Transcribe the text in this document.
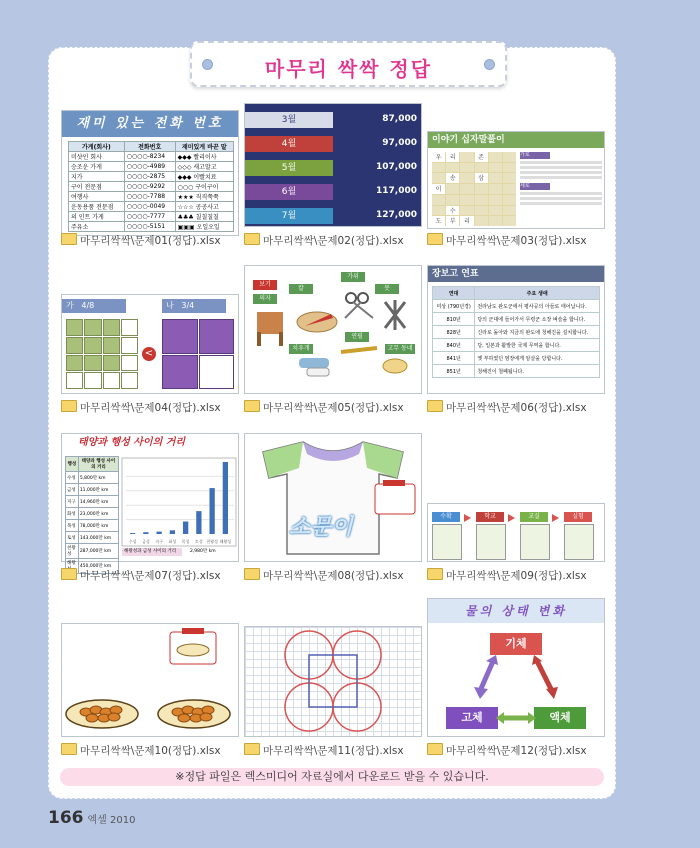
마무리 싹싹 정답
재미 있는 전화 번호
가게(회사)	전화번호	재미있게 바꾼 말
미샷인 회사	○○○○-8234	◆◆◆ 빨리이사
승조운 가게	○○○○-4989	◇◇◇ 새고말고
지가	○○○○-2875	◆◆◆ 이빨치료
구이 전문점	○○○○-9292	○○○ 구이구이
여행사	○○○○-7788	★★★ 직직쭉쭉
운동용품 전문점	○○○○-0049	☆☆☆ 공공사고
의 인트 가게	○○○○-7777	♣♣♣ 칠칠칠칠
주유소	○○○○-5151	▣▣▣ 오일오일
3월	87,000
4월	97,000
5월	107,000
6월	117,000
7월	127,000
이야기 십자말풀이
우	리	존
송	삼
이
수
도	부	리
가로
세로
마무리싹싹\문제01(정답).xlsx	마무리싹싹\문제02(정답).xlsx	마무리싹싹\문제03(정답).xlsx
가 4/8	나 3/4
<
가위
칼	못
보기
의자
치우개
연필
고무 동네
장보고 연표
연대	주요 생애
미상 (790년경)	전라남도 완도군에서 평사공의 아들로 태어납니다.
810년	당의 군대에 들어가서 무령군 소장 벼슬을 합니다.
828년	신라로 돌아와 지금의 완도에 청해진을 설치합니다.
840년	당, 일본과 활발한 국제 무역을 합니다.
841년	옛 부하였던 염장에게 암살을 당합니다.
851년	청해진이 철폐됩니다.
마무리싹싹\문제04(정답).xlsx	마무리싹싹\문제05(정답).xlsx	마무리싹싹\문제06(정답).xlsx
태양과 행성 사이의 거리
행성	태양과 행성 사이의 거리
수성	5,800만 km
금성	11,000만 km
지구	14,960만 km
화성	23,000만 km
목성	78,000만 km
토성	143,000만 km
천왕성	287,000만 km
해왕	450,000만 km
수성 금성 지구 화성 목성 토성 천왕성 해왕성
해왕성과 금성 사이의 거리	2,980만 km
소문이	수확	학교	교실	실험
마무리싹싹\문제07(정답).xlsx	마무리싹싹\문제08(정답).xlsx	마무리싹싹\문제09(정답).xlsx
물의 상태 변화
기체
고체	액체
마무리싹싹\문제10(정답).xlsx	마무리싹싹\문제11(정답).xlsx	마무리싹싹\문제12(정답).xlsx
※정답 파일은 렉스미디어 자료실에서 다운로드 받을 수 있습니다.
166 엑셀 2010
